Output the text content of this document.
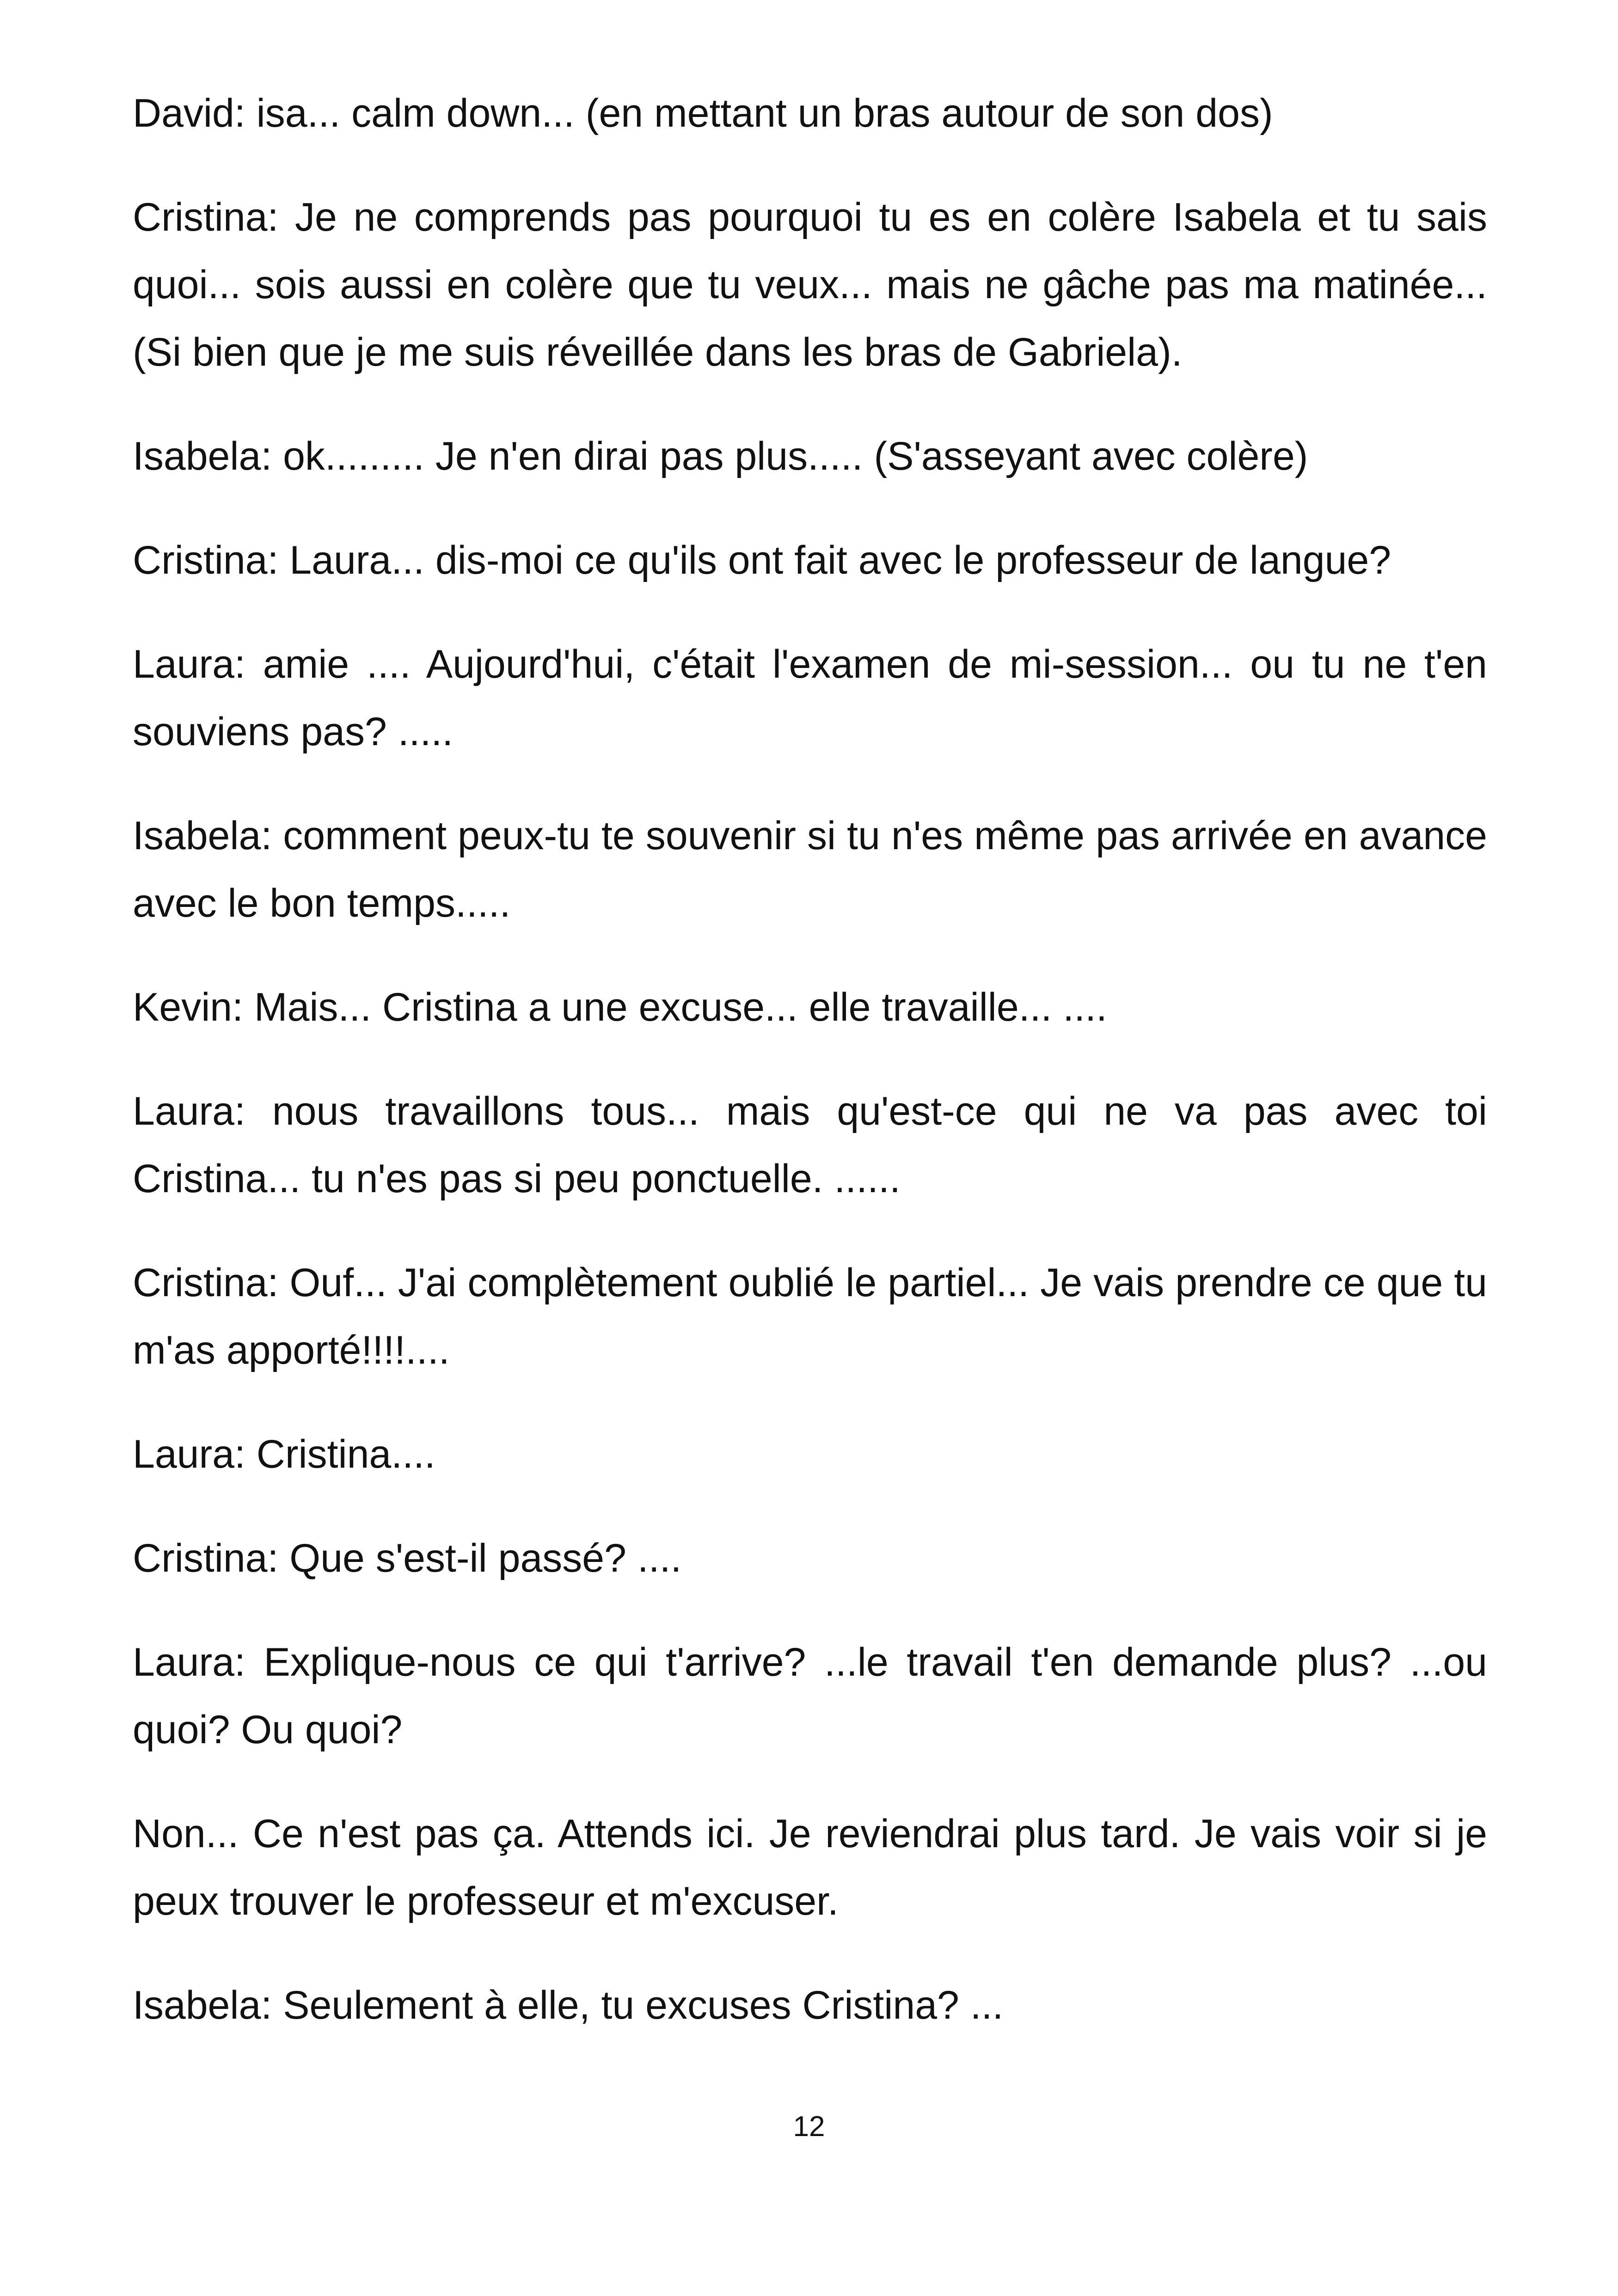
David: isa... calm down... (en mettant un bras autour de son dos)

Cristina: Je ne comprends pas pourquoi tu es en colère Isabela et tu sais quoi... sois aussi en colère que tu veux... mais ne gâche pas ma matinée... (Si bien que je me suis réveillée dans les bras de Gabriela).

Isabela: ok......... Je n'en dirai pas plus..... (S'asseyant avec colère)

Cristina: Laura... dis-moi ce qu'ils ont fait avec le professeur de langue?

Laura: amie .... Aujourd'hui, c'était l'examen de mi-session... ou tu ne t'en souviens pas? .....

Isabela: comment peux-tu te souvenir si tu n'es même pas arrivée en avance avec le bon temps.....

Kevin: Mais... Cristina a une excuse... elle travaille... ....

Laura: nous travaillons tous... mais qu'est-ce qui ne va pas avec toi Cristina... tu n'es pas si peu ponctuelle. ......

Cristina: Ouf... J'ai complètement oublié le partiel... Je vais prendre ce que tu m'as apporté!!!!....

Laura: Cristina....

Cristina: Que s'est-il passé? ....

Laura: Explique-nous ce qui t'arrive? ...le travail t'en demande plus? ...ou quoi? Ou quoi?

Non... Ce n'est pas ça. Attends ici. Je reviendrai plus tard. Je vais voir si je peux trouver le professeur et m'excuser.

Isabela: Seulement à elle, tu excuses Cristina? ...

12
